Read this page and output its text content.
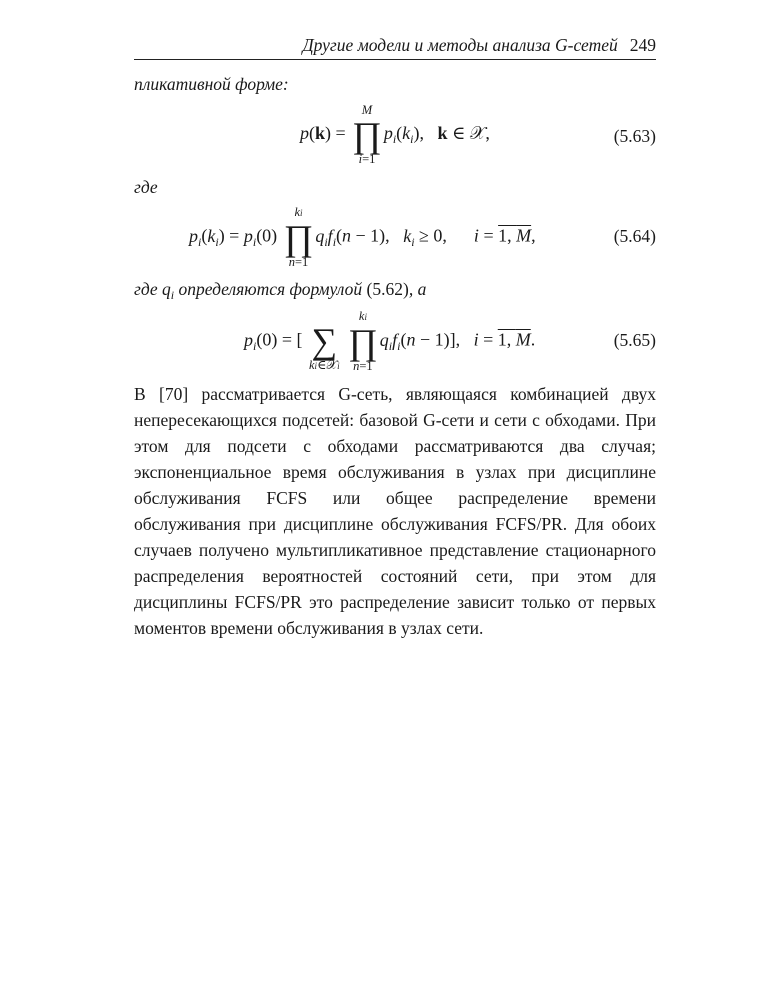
Другие модели и методы анализа G-сетей 249
пликативной форме:
p(k) =
M
∏
i=1
$p_i(k_i)$,   k ∈ 𝒳,	(5.63)
где
$p_i(k_i) = p_i(0)$
ki
∏
n=1
$q_if_i(n - 1)$,   $k_i \ge 0$,      i = 1, M,	(5.64)
где $q_i$ определяются формулой (5.62), а
$p_i(0)$ = [
∑
ki∈𝒳i

ki
∏
n=1
$q_if_i(n - 1)$],   i = 1, M.	(5.65)
В [70] рассматривается G-сеть, являющаяся комбинацией двух непересекающихся подсетей: базовой G-сети и сети с обходами. При этом для подсети с обходами рассматриваются два случая; экспоненциальное время обслуживания в узлах при дисциплине обслуживания FCFS или общее распределение времени обслуживания при дисциплине обслуживания FCFS/PR. Для обоих случаев получено мультипликативное представление стационарного распределения вероятностей состояний сети, при этом для дисциплины FCFS/PR это распределение зависит только от первых моментов времени обслуживания в узлах сети.
